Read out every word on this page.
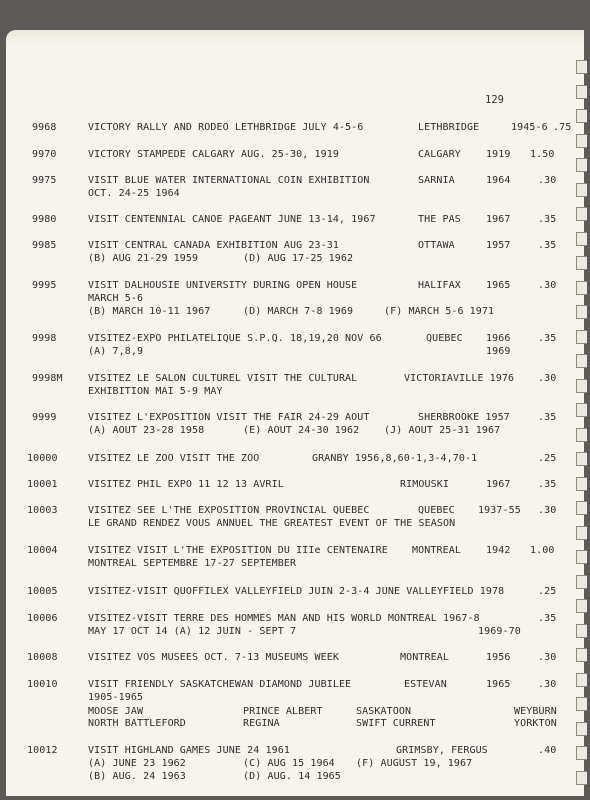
129
9968	VICTORY RALLY AND RODEO LETHBRIDGE JULY 4-5-6	LETHBRIDGE	1945-6 .75
9970	VICTORY STAMPEDE CALGARY AUG. 25-30, 1919	CALGARY	1919 1.50
9975	VISIT BLUE WATER INTERNATIONAL COIN EXHIBITION	SARNIA	1964	.30
OCT. 24-25 1964
9980	VISIT CENTENNIAL CANOE PAGEANT JUNE 13-14, 1967	THE PAS	1967	.35
9985	VISIT CENTRAL CANADA EXHIBITION AUG 23-31	OTTAWA	1957	.35
(B) AUG 21-29 1959	(D) AUG 17-25 1962
9995	VISIT DALHOUSIE UNIVERSITY DURING OPEN HOUSE	HALIFAX	1965	.30
MARCH 5-6
(B) MARCH 10-11 1967	(D) MARCH 7-8 1969	(F) MARCH 5-6 1971
9998	VISITEZ-EXPO PHILATELIQUE S.P.Q. 18,19,20 NOV 66	QUEBEC 1966	.35
(A) 7,8,9	1969
9998M	VISITEZ LE SALON CULTUREL VISIT THE CULTURAL	VICTORIAVILLE 1976 .30
EXHIBITION MAI 5-9 MAY
9999	VISITEZ L'EXPOSITION VISIT THE FAIR 24-29 AOUT	SHERBROOKE 1957	.35
(A) AOUT 23-28 1958	(E) AOUT 24-30 1962 (J) AOUT 25-31 1967
10000	VISITEZ LE ZOO VISIT THE ZOO	GRANBY 1956,8,60-1,3-4,70-1	.25
10001	VISITEZ PHIL EXPO 11 12 13 AVRIL	RIMOUSKI	1967	.35
10003	VISITEZ SEE L'THE EXPOSITION PROVINCIAL QUEBEC	QUEBEC 1937-55 .30
LE GRAND RENDEZ VOUS ANNUEL THE GREATEST EVENT OF THE SEASON
10004	VISITEZ VISIT L'THE EXPOSITION DU IIIe CENTENAIRE MONTREAL	1942 1.00
MONTREAL SEPTEMBRE 17-27 SEPTEMBER
10005	VISITEZ-VISIT QUOFFILEX VALLEYFIELD JUIN 2-3-4 JUNE VALLEYFIELD 1978	.25
10006	VISITEZ-VISIT TERRE DES HOMMES MAN AND HIS WORLD MONTREAL 1967-8	.35
MAY 17 OCT 14 (A) 12 JUIN - SEPT 7	1969-70
10008	VISITEZ VOS MUSEES OCT. 7-13 MUSEUMS WEEK	MONTREAL	1956	.30
10010	VISIT FRIENDLY SASKATCHEWAN DIAMOND JUBILEE	ESTEVAN	1965	.30
1905-1965
MOOSE JAW	PRINCE ALBERT	SASKATOON	WEYBURN
NORTH BATTLEFORD	REGINA	SWIFT CURRENT	YORKTON
10012	VISIT HIGHLAND GAMES JUNE 24 1961	GRIMSBY, FERGUS	.40
(A) JUNE 23 1962	(C) AUG 15 1964 (F) AUGUST 19, 1967
(B) AUG. 24 1963	(D) AUG. 14 1965
